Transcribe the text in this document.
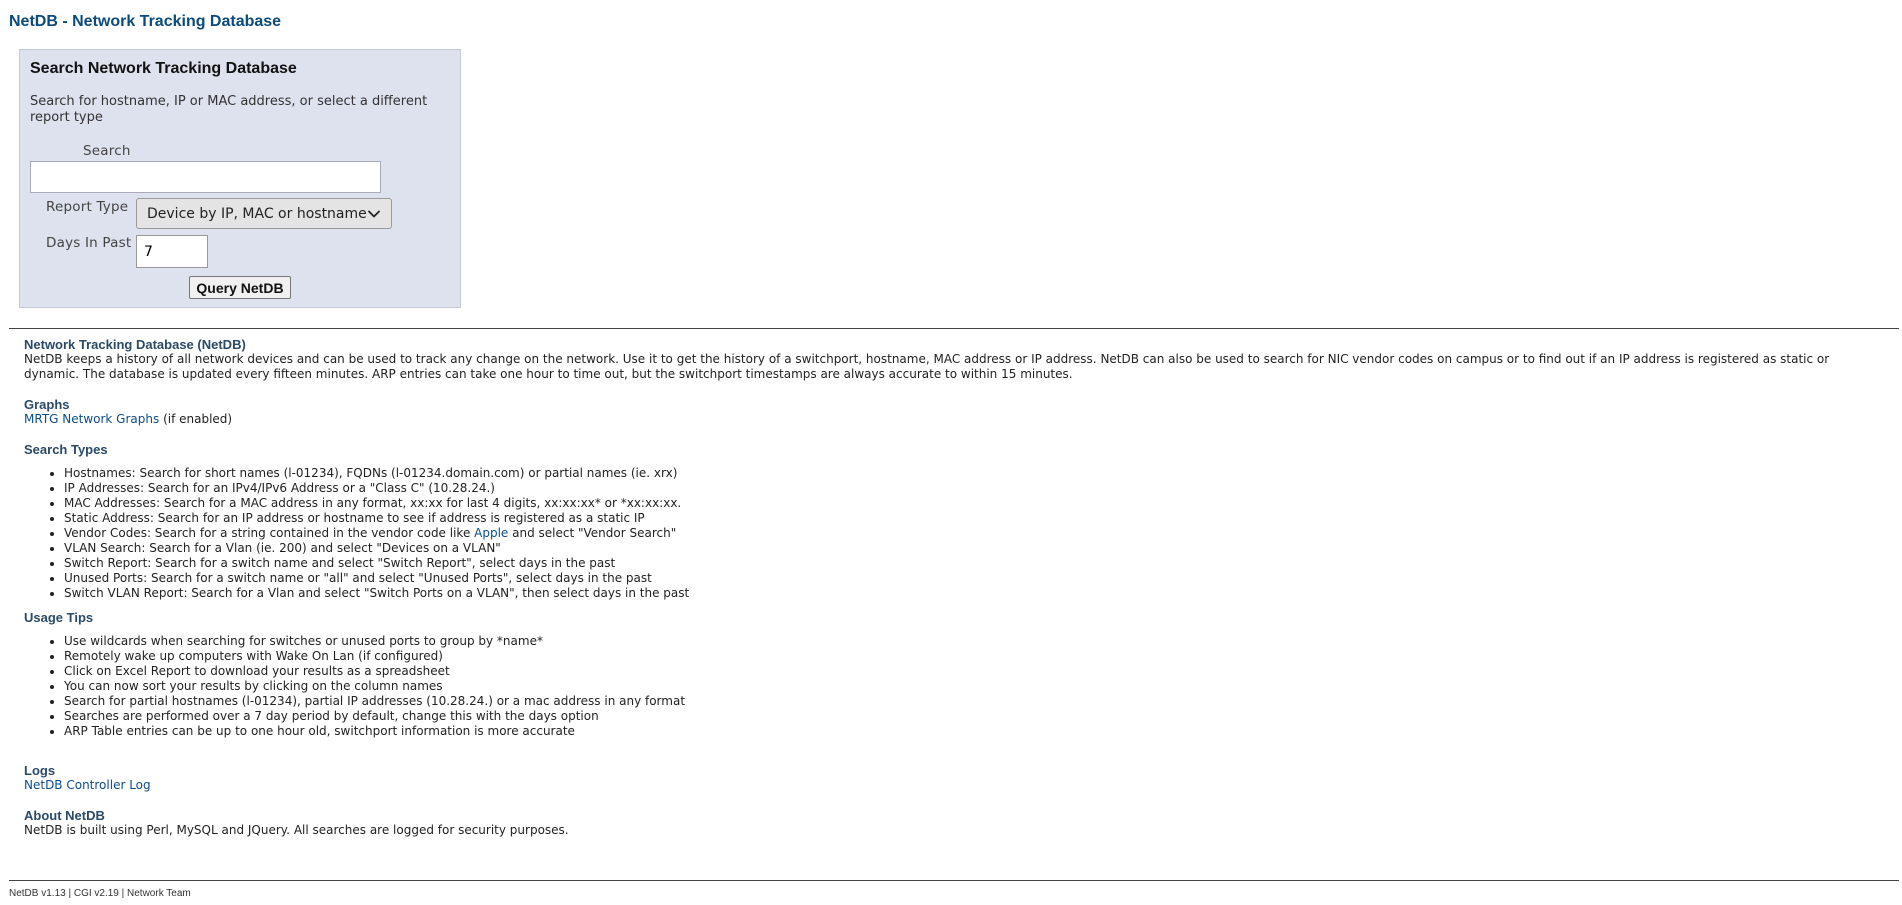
NetDB - Network Tracking Database
Search Network Tracking Database
Search for hostname, IP or MAC address, or select a different report type
Search
Report Type Device by IP, MAC or hostname
Days In Past
7
Query NetDB
Network Tracking Database (NetDB)

NetDB keeps a history of all network devices and can be used to track any change on the network. Use it to get the history of a switchport, hostname, MAC address or IP address. NetDB can also be used to search for NIC vendor codes on campus or to find out if an IP address is registered as static or dynamic. The database is updated every fifteen minutes. ARP entries can take one hour to time out, but the switchport timestamps are always accurate to within 15 minutes.

Graphs

MRTG Network Graphs (if enabled)

Search Types
• Hostnames: Search for short names (l-01234), FQDNs (l-01234.domain.com) or partial names (ie. xrx)
• IP Addresses: Search for an IPv4/IPv6 Address or a "Class C" (10.28.24.)
• MAC Addresses: Search for a MAC address in any format, xx:xx for last 4 digits, xx:xx:xx* or *xx:xx:xx.
• Static Address: Search for an IP address or hostname to see if address is registered as a static IP
• Vendor Codes: Search for a string contained in the vendor code like Apple and select "Vendor Search"
• VLAN Search: Search for a Vlan (ie. 200) and select "Devices on a VLAN"
• Switch Report: Search for a switch name and select "Switch Report", select days in the past
• Unused Ports: Search for a switch name or "all" and select "Unused Ports", select days in the past
• Switch VLAN Report: Search for a Vlan and select "Switch Ports on a VLAN", then select days in the past
Usage Tips
• Use wildcards when searching for switches or unused ports to group by *name*
• Remotely wake up computers with Wake On Lan (if configured)
• Click on Excel Report to download your results as a spreadsheet
• You can now sort your results by clicking on the column names
• Search for partial hostnames (l-01234), partial IP addresses (10.28.24.) or a mac address in any format
• Searches are performed over a 7 day period by default, change this with the days option
• ARP Table entries can be up to one hour old, switchport information is more accurate
Logs

NetDB Controller Log

About NetDB

NetDB is built using Perl, MySQL and JQuery. All searches are logged for security purposes.

NetDB v1.13 | CGI v2.19 | Network Team
